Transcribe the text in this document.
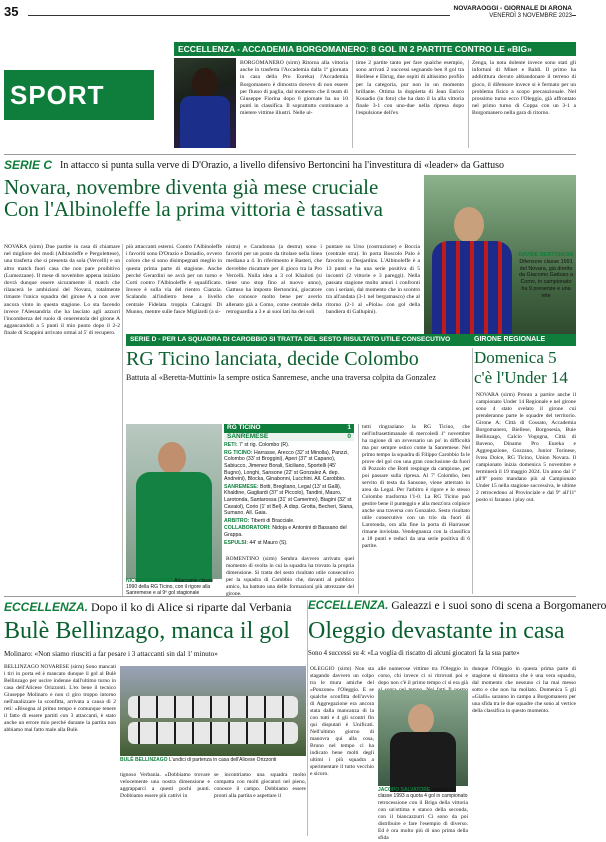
35	NOVARAOGGI - GIORNALE DI ARONA
VENERDÌ 3 NOVEMBRE 2023
SPORT
ECCELLENZA - ACCADEMIA BORGOMANERO: 8 GOL IN 2 PARTITE CONTRO LE «BIG»
BORGOMANERO (sirm) Ritorna alla vittoria anche in trasferta l'Accademia dalla 1ª giornata in casa della Pro Eureka) l'Accademia Borgomanero è dimostra dovevo di non essere per flusso di paglia, dal momento che il team di Giuseppe Fiorina dopo 6 giornate ha no 10 punti in classifica. Il soprattutto continuare a mietere vittime illustri. Nelle ul-
time 2 partite tanto per fare qualche esempio, sono arrivati 2 successi segnando ben 8 gol tra Biellese e Ebrug, due ospiti di altissimo profilo per la categoria, pur non in un momento brillante. Ottima la doppietta di Jean Enrico Kouadio (in foto) che ha dato il la alla vittoria finale 3-1 con uno-due nella ripresa dopo l'espulsione dell'ex
Zenga, la nota dolente invece sono stati gli infortuni di Minet e Baldi. Il primo ha addirittura dovuto abbandonare il terreno di gioco, il difensore invece si è fermato per un problema fisico a scopo precauzionale. Nel prossimo turno ecco l'Oleggio, già affrontato nel primo turno di Coppa con un 3-1 a Borgomanero nella gara di ritorno.
SERIE C In attacco si punta sulla verve di D'Orazio, a livello difensivo Bertoncini ha l'investitura di «leader» da Gattuso
Novara, novembre diventa già mese cruciale
Con l'Albinoleffe la prima vittoria è tassativa
DAVIDE BERTONCINI
Difensore classe 1991 del Novara, già diretto da Giacomo Gattuso a Como, in campionato ha 9 presenze e una rete
NOVARA (sirm) Due partite in casa di chiamare nel migliore dei modi (Albinoleffe e Pergolettese), una trasferta che si presenta da sola (Vercelli) e un altro match fuori casa che non pare proibitivo (Lumezzane). Il mese di novembre appena iniziato dovrà dunque essere sicuramente il match che rilancerà le ambizioni del Novara, totalmente rimaste l'unica squadra del girone A a non aver ancora vinto in questa stagione. Lo sta facendo invece l'Alessandria che ha lasciato agli azzurri l'incomberza del ruolo di cenerentola del girone A aggancandoli a 5 punti il mio punto dopo il 2-2 finale di Scappini arrivato ormai al 5' di recupero.
più attaccanti esterni. Contro l'Albinoleffe i favoriti sono D'Orazio e Donadio, ovvero coloro che si sono disimpegnati meglio in questa prima parte di stagione. Anche perché Gerardini ne avrà per un turno e Corti contro l'Albinoleffe è squalificato. Invece è sulla via del rientro Cianzia. Scalando all'indietro bene a livello centrale Fidelata troppia Calcagni Di Munno, mentre sulle fasce Migliardi (a si-
nistra) e Caradonna (a destra) sono i favoriti per un posto da titolare nella linea mediana a 4. In riferimento è Basteri, che dovrebbe riscattare per il gioco tra la Pro Vercelli. Nulla idea a 3 col Khailoti (si tiene uno stop fino al nuovo anno), Gattuso ha imposto Bertoncini, giocatore che conosce molto bene per averlo allenato già a Como, come centrale della retroguardia a 3 e ai suoi lati ha dei soli
puntare su Urso (costruzione) e Boccia (centrale stra). In porta Boscolo Palo è favorito su Desjardins. L'Albinoleffe è a 13 punti e ha una serie positiva di 5 incontri (2 vittorie e 3 pareggi). Nella passata stagione molto amuri i confronti con i seriani, dal momento che in scontro tra all'andata (3-1 nel bergamasco) che al ritorno (2-1 al «Piola» con gol della bandiera di Gallupini).
SERIE D - PER LA SQUADRA DI CAROBBIO SI TRATTA DEL SESTO RISULTATO UTILE CONSECUTIVO	GIRONE REGIONALE
RG Ticino lanciata, decide Colombo
Battuta al «Beretta-Muttini» la sempre ostica Sanremese, anche una traversa colpita da Gonzalez
NICOLÒ COLOMBO Attaccante classe 1990 della RG Ticino, con il rigore alla Sanremese e al 9º gol stagionale
RG TICINO	1
SANREMESE	0
RETI: 7' st rig. Colombo (R).
RG TICINO: Harrasse, Arecco (32' st Minolla), Panzzi, Colombo (33' st Broggini), Aperi (37' st Capano), Sabiucco, Jimenez Borali, Siciliano, Sportelli (45' Bugno), Longhi, Sansone (22' st Gonzalez A. dep. Andreini), Blocka, Ginabonni, Lucchini. All. Carobbio.
SANREMESE: Botti, Bregliano, Legal (13' st Galli), Khaldine, Gagliardi (37' st Piccolo), Tandini, Mauro, Larotonda, Santarossa (31' st Camerino), Biagini (32' st Cavaiol), Corio (1' st Bel). A disp. Grotta, Becheri, Siana, Sumano. All. Gaia.
ARBITRO: Tiberti di Bracciale.
COLLABORATORI: Nidoja e Antonini di Bassano del Grappa.
ESPULSI: 44' st Mauro (S).
ROMENTINO (sirm) Sembra davvero arrivato quel momento di svolta in cui la squadra ha trovato la propria dimensione. Si tratta del sesto risultato utile consecutivo per la squadra di Carobbio che, davanti al pubblico amico, ha battuto una delle formazioni più attrezzate del girone.
tutti ringraziano la RG Ticino, che nell'infrasettimanale di mercoledì 1º novembre ha ragione di un avversario un po' in difficoltà ma pur sempre ostico come la Sanremese. Nel primo tempo la squadra di Filippo Carobbio fa le prove del gol con una gran conclusione da fuori di Pozzolo che Botti respinge da campione, per poi passare sulla ripresa. Al 7' Colombo, ben servito di testa da Sansone, viene atterrato in area da Legal. Per l'arbitro è rigore e lo stesso Colombo trasforma l'1-0. La RG Ticino può gestire bene il punteggio e alla mezz'ora colpisce anche una traversa con Gonzalez. Sesto risultato utile consecutivo con un trio da fuori di Larotonda, ora alla fine la porta di Harrasser rimane inviolata. Vendegnanza con la classifica a 18 punti e reduci da una serie positiva di 6 partite.
Domenica 5 c'è l'Under 14
NOVARA (sirm) Pronto a partire anche il campionato Under 14 Regionale e nel girone sono 4 stato svelato il girone cui prenderanno parte le squadre del territorio. Girone A: Città di Cossato, Accademia Borgomanero, Biellese, Borgosesia, Buie Bellinzago, Calcio Vogogna, Città di Baveno, Dinamo Pro Eureka e Aggregazione, Gozzano, Junior Torinese, Ivrea Dolce, RG Ticino, Union Novara. Il campionato inizia domenica 5 novembre e terminerà il 19 maggio 2024. Un anno dal 1º all'8º posto mandano più al Campionato Under 15 nella stagione successiva, le ultime 2 retrocedono al Provinciale e dal 9º all'11º posto si faranno i play out.
ECCELLENZA. Dopo il ko di Alice si riparte dal Verbania
Bulè Bellinzago, manca il gol
Molinaro: «Non siamo riusciti a far pesare i 3 attaccanti sin dal 1' minuto»
BELLINZAGO NOVARESE (sirm) Sono mancati i tiri in porta ed è mancato dunque il gol al Bulè Bellinzago per uscire indenne dall'ultimo turno in casa dell'Alicese Orizzonti. L'ex bene il tecnico Giuseppe Molinaro e non ci giro troppo intorno nell'analizzare la sconfitta, arrivata a causa di 2 reti: «Bisogna al primo tempo e comunque tenere il fatto di essere partiti con 3 attaccanti, è stato anche un errore mio perché durante la partita non abbiamo mai fatto male alla Bulè.
BULÈ BELLINZAGO L'undici di partenza in casa dell'Alicese Orizzonti
tignoso Verbania. «Dobbiamo trovare velocemente una nostra dimensione e aggrapparci a questi pochi punti. Dobbiamo essere più cattivi in
se incontriamo una squadra molto compatta con molti giocatori nel pieno, conosce il campo. Dobbiamo essere pronti alla partita e aspettare il
ECCELLENZA. Galeazzi e i suoi sono di scena a Borgomanero
Oleggio devastante in casa
Sono 4 successi su 4: «La voglia di riscatto di alcuni giocatori fa la sua parte»
OLEGGIO (sirm) Non sta stagando davvero un colpo tra le mura amiche del «Ponzone» l'Oleggio. E se qualche sconfitta dell'avvio di Aggregazione era ancora stata dalla mancanza di la con tutti e 4 gli scontri fin qui disputati è Unificati. Nell'ultimo giorno di manovra qui alla cosa, Bruno nel tempo ci ha indicato bene molti degli ultimi i più squadra a sperimentare il tutto vecchio e sicuro.
alle numerose vittime tra l'Oleggio in corso, chi invece ci si ritrovati poi e dopo non c'è il primo tempo ci si era già
JACOPO SALVATORE Attaccante classe 1993 a quota 4 gol in campionato
retrocessione con il Briga della vittoria con un'ottima e stanco della seconda, con il biancazzurri Ci sono da poi distribuire e fare l'esempio di diverso. Ed è ora molto più di uno prima della sfida
dunque l'Oleggio in questa prima parte di stagione si dimostra che è una vera squadra, dal momento che nessuno ci ha mai messo sotto e che non ha mollato. Domenica 5 gli «Gialli» saranno in campo a Borgomanero per una sfida tra le due squadre che sono al vertice della classifica in questo momento.
